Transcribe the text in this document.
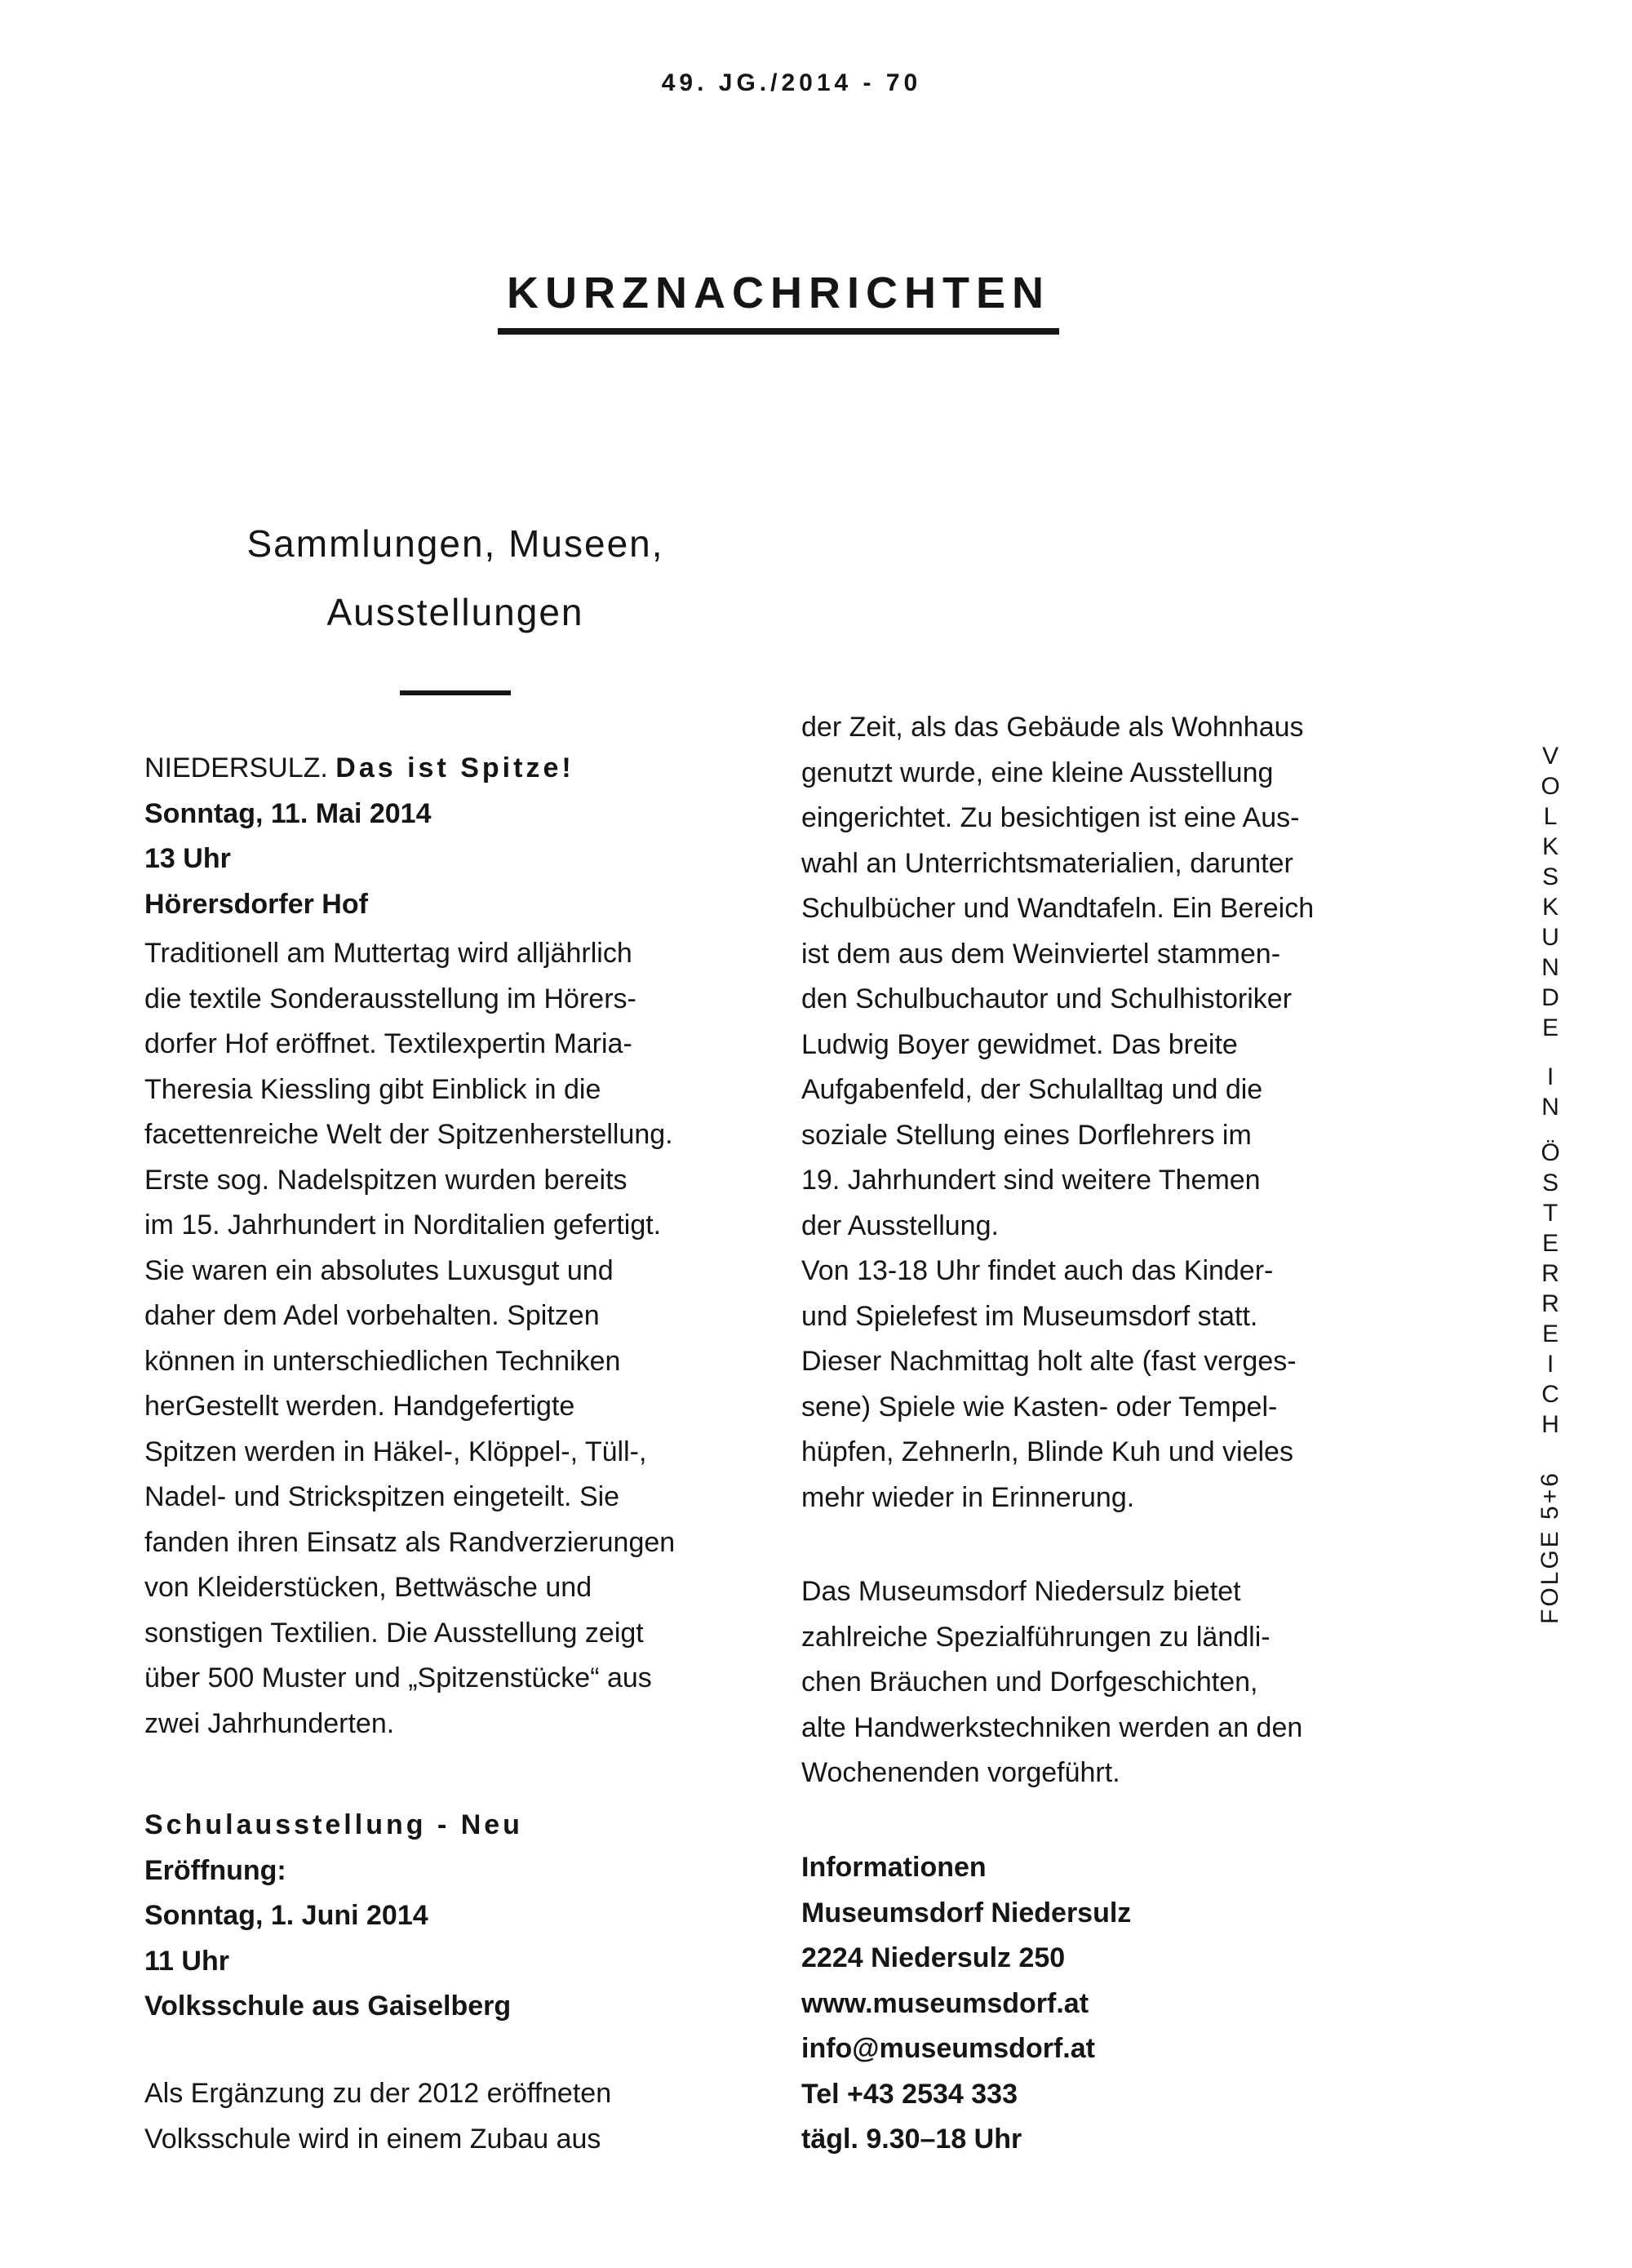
49. JG./2014 - 70
KURZNACHRICHTEN
Sammlungen, Museen,
Ausstellungen
NIEDERSULZ. Das ist Spitze!
Sonntag, 11. Mai 2014
13 Uhr
Hörersdorfer Hof
Traditionell am Muttertag wird alljährlich
die textile Sonderausstellung im Hörers-
dorfer Hof eröffnet. Textilexpertin Maria-
Theresia Kiessling gibt Einblick in die
facettenreiche Welt der Spitzenherstellung.
Erste sog. Nadelspitzen wurden bereits
im 15. Jahrhundert in Norditalien gefertigt.
Sie waren ein absolutes Luxusgut und
daher dem Adel vorbehalten. Spitzen
können in unterschiedlichen Techniken
herGestellt werden. Handgefertigte
Spitzen werden in Häkel-, Klöppel-, Tüll-,
Nadel- und Strickspitzen eingeteilt. Sie
fanden ihren Einsatz als Randverzierungen
von Kleiderstücken, Bettwäsche und
sonstigen Textilien. Die Ausstellung zeigt
über 500 Muster und „Spitzenstücke“ aus
zwei Jahrhunderten.
Schulausstellung - Neu
Eröffnung:
Sonntag, 1. Juni 2014
11 Uhr
Volksschule aus Gaiselberg
Als Ergänzung zu der 2012 eröffneten
Volksschule wird in einem Zubau aus
der Zeit, als das Gebäude als Wohnhaus
genutzt wurde, eine kleine Ausstellung
eingerichtet. Zu besichtigen ist eine Aus-
wahl an Unterrichtsmaterialien, darunter
Schulbücher und Wandtafeln. Ein Bereich
ist dem aus dem Weinviertel stammen-
den Schulbuchautor und Schulhistoriker
Ludwig Boyer gewidmet. Das breite
Aufgabenfeld, der Schulalltag und die
soziale Stellung eines Dorflehrers im
19. Jahrhundert sind weitere Themen
der Ausstellung.
Von 13-18 Uhr findet auch das Kinder-
und Spielefest im Museumsdorf statt.
Dieser Nachmittag holt alte (fast verges-
sene) Spiele wie Kasten- oder Tempel-
hüpfen, Zehnerln, Blinde Kuh und vieles
mehr wieder in Erinnerung.
Das Museumsdorf Niedersulz bietet
zahlreiche Spezialführungen zu ländli-
chen Bräuchen und Dorfgeschichten,
alte Handwerkstechniken werden an den
Wochenenden vorgeführt.
Informationen
Museumsdorf Niedersulz
2224 Niedersulz 250
www.museumsdorf.at
info@museumsdorf.at
Tel +43 2534 333
tägl. 9.30–18 Uhr
V
O
L
K
S
K
U
N
D
E
I
N
Ö
S
T
E
R
R
E
I
C
H
FOLGE 5+6
